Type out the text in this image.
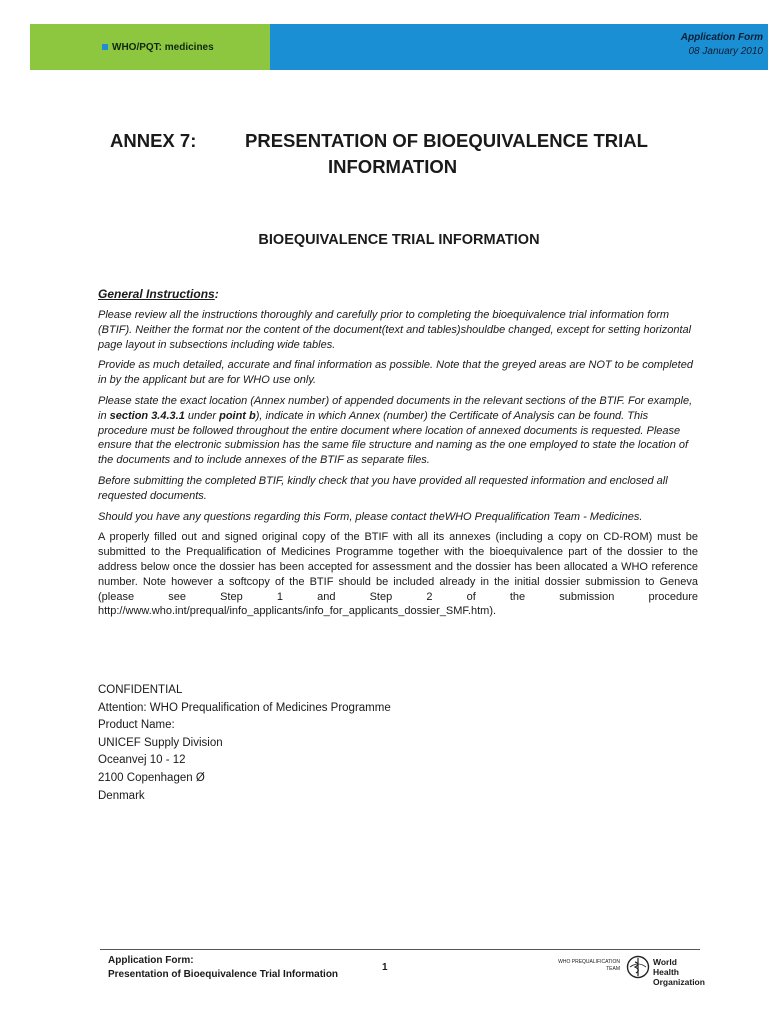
WHO/PQT: medicines
Application Form
08 January 2010
ANNEX 7:	PRESENTATION OF BIOEQUIVALENCE TRIAL
INFORMATION
BIOEQUIVALENCE TRIAL INFORMATION
General Instructions:

Please review all the instructions thoroughly and carefully prior to completing the bioequivalence trial information form (BTIF). Neither the format nor the content of the document(text and tables)shouldbe changed, except for setting horizontal page layout in subsections including wide tables.

Provide as much detailed, accurate and final information as possible. Note that the greyed areas are NOT to be completed in by the applicant but are for WHO use only.

Please state the exact location (Annex number) of appended documents in the relevant sections of the BTIF. For example, in section 3.4.3.1 under point b), indicate in which Annex (number) the Certificate of Analysis can be found. This procedure must be followed throughout the entire document where location of annexed documents is requested. Please ensure that the electronic submission has the same file structure and naming as the one employed to state the location of the documents and to include annexes of the BTIF as separate files.

Before submitting the completed BTIF, kindly check that you have provided all requested information and enclosed all requested documents.

Should you have any questions regarding this Form, please contact theWHO Prequalification Team - Medicines.

A properly filled out and signed original copy of the BTIF with all its annexes (including a copy on CD-ROM) must be submitted to the Prequalification of Medicines Programme together with the bioequivalence part of the dossier to the address below once the dossier has been accepted for assessment and the dossier has been allocated a WHO reference number. Note however a softcopy of the BTIF should be included already in the initial dossier submission to Geneva (please see Step 1 and Step 2 of the submission procedure http://www.who.int/prequal/info_applicants/info_for_applicants_dossier_SMF.htm).

CONFIDENTIAL
Attention: WHO Prequalification of Medicines Programme
Product Name:
UNICEF Supply Division
Oceanvej 10 - 12
2100 Copenhagen Ø
Denmark
Application Form:
Presentation of Bioequivalence Trial Information
1	WHO PREQUALIFICATION
TEAM
World Health
Organization
